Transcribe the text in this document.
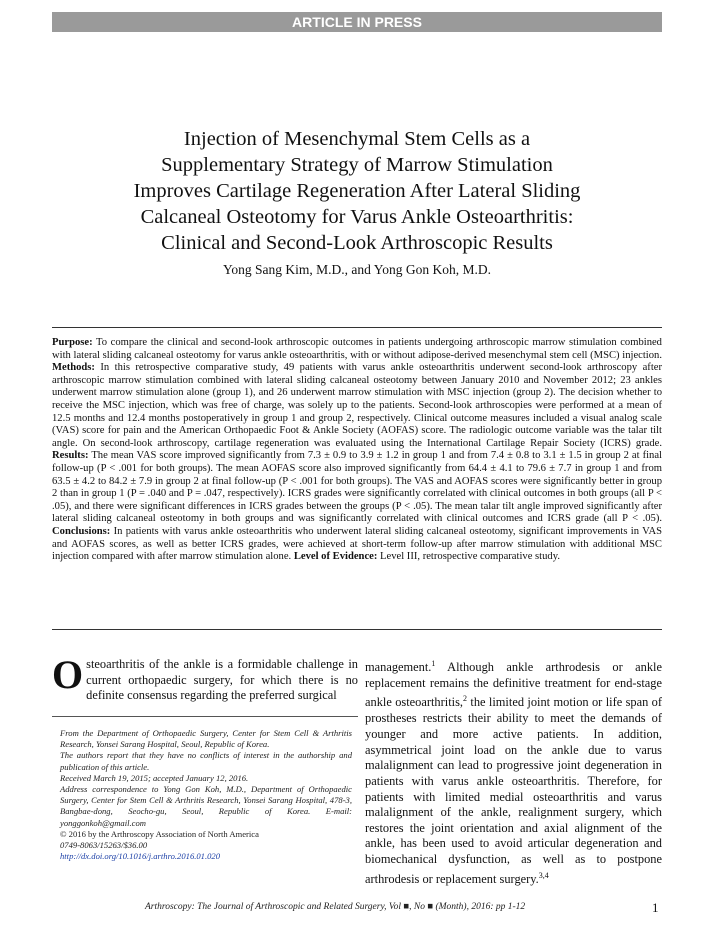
ARTICLE IN PRESS
Injection of Mesenchymal Stem Cells as a
Supplementary Strategy of Marrow Stimulation
Improves Cartilage Regeneration After Lateral Sliding
Calcaneal Osteotomy for Varus Ankle Osteoarthritis:
Clinical and Second-Look Arthroscopic Results
Yong Sang Kim, M.D., and Yong Gon Koh, M.D.
Purpose: To compare the clinical and second-look arthroscopic outcomes in patients undergoing arthroscopic marrow stimulation combined with lateral sliding calcaneal osteotomy for varus ankle osteoarthritis, with or without adipose-derived mesenchymal stem cell (MSC) injection. Methods: In this retrospective comparative study, 49 patients with varus ankle osteoarthritis underwent second-look arthroscopy after arthroscopic marrow stimulation combined with lateral sliding calcaneal osteotomy between January 2010 and November 2012; 23 ankles underwent marrow stimulation alone (group 1), and 26 underwent marrow stimulation with MSC injection (group 2). The decision whether to receive the MSC injection, which was free of charge, was solely up to the patients. Second-look arthroscopies were performed at a mean of 12.5 months and 12.4 months postoperatively in group 1 and group 2, respectively. Clinical outcome measures included a visual analog scale (VAS) score for pain and the American Orthopaedic Foot & Ankle Society (AOFAS) score. The radiologic outcome variable was the talar tilt angle. On second-look arthroscopy, cartilage regeneration was evaluated using the International Cartilage Repair Society (ICRS) grade. Results: The mean VAS score improved significantly from 7.3 ± 0.9 to 3.9 ± 1.2 in group 1 and from 7.4 ± 0.8 to 3.1 ± 1.5 in group 2 at final follow-up (P < .001 for both groups). The mean AOFAS score also improved significantly from 64.4 ± 4.1 to 79.6 ± 7.7 in group 1 and from 63.5 ± 4.2 to 84.2 ± 7.9 in group 2 at final follow-up (P < .001 for both groups). The VAS and AOFAS scores were significantly better in group 2 than in group 1 (P = .040 and P = .047, respectively). ICRS grades were significantly correlated with clinical outcomes in both groups (all P < .05), and there were significant differences in ICRS grades between the groups (P < .05). The mean talar tilt angle improved significantly after lateral sliding calcaneal osteotomy in both groups and was significantly correlated with clinical outcomes and ICRS grade (all P < .05). Conclusions: In patients with varus ankle osteoarthritis who underwent lateral sliding calcaneal osteotomy, significant improvements in VAS and AOFAS scores, as well as better ICRS grades, were achieved at short-term follow-up after marrow stimulation with additional MSC injection compared with after marrow stimulation alone. Level of Evidence: Level III, retrospective comparative study.
Osteoarthritis of the ankle is a formidable challenge in current orthopaedic surgery, for which there is no definite consensus regarding the preferred surgical

From the Department of Orthopaedic Surgery, Center for Stem Cell & Arthritis Research, Yonsei Sarang Hospital, Seoul, Republic of Korea.

The authors report that they have no conflicts of interest in the authorship and publication of this article.

Received March 19, 2015; accepted January 12, 2016.

Address correspondence to Yong Gon Koh, M.D., Department of Orthopaedic Surgery, Center for Stem Cell & Arthritis Research, Yonsei Sarang Hospital, 478-3, Bangbae-dong, Seocho-gu, Seoul, Republic of Korea. E-mail: yonggonkoh@gmail.com

© 2016 by the Arthroscopy Association of North America

0749-8063/15263/$36.00

http://dx.doi.org/10.1016/j.arthro.2016.01.020

management.$^1$ Although ankle arthrodesis or ankle replacement remains the definitive treatment for end-stage ankle osteoarthritis,$^2$ the limited joint motion or life span of prostheses restricts their ability to meet the demands of younger and more active patients. In addition, asymmetrical joint load on the ankle due to varus malalignment can lead to progressive joint degeneration in patients with varus ankle osteoarthritis. Therefore, for patients with limited medial osteoarthritis and varus malalignment of the ankle, realignment surgery, which restores the joint orientation and axial alignment of the ankle, has been used to avoid articular degeneration and biomechanical dysfunction, as well as to postpone arthrodesis or replacement surgery.$^{3,4}$
Arthroscopy: The Journal of Arthroscopic and Related Surgery, Vol ■, No ■ (Month), 2016: pp 1-12	1
